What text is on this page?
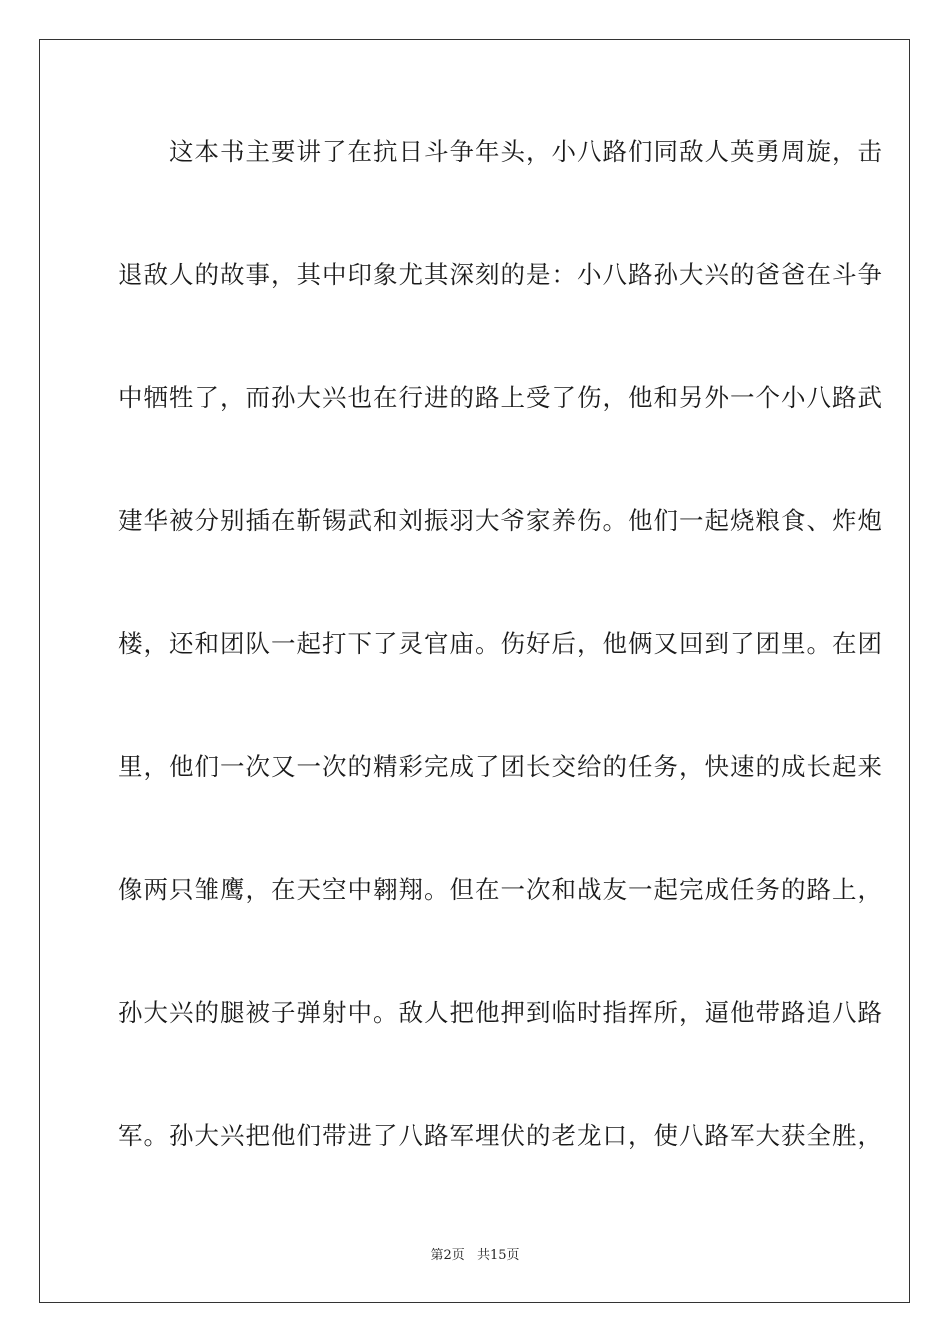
　　这本书主要讲了在抗日斗争年头，小八路们同敌人英勇周旋，击
退敌人的故事，其中印象尤其深刻的是：小八路孙大兴的爸爸在斗争
中牺牲了，而孙大兴也在行进的路上受了伤，他和另外一个小八路武
建华被分别插在靳锡武和刘振羽大爷家养伤。他们一起烧粮食、炸炮
楼，还和团队一起打下了灵官庙。伤好后，他俩又回到了团里。在团
里，他们一次又一次的精彩完成了团长交给的任务，快速的成长起来
像两只雏鹰，在天空中翱翔。但在一次和战友一起完成任务的路上，
孙大兴的腿被子弹射中。敌人把他押到临时指挥所，逼他带路追八路
军。孙大兴把他们带进了八路军埋伏的老龙口，使八路军大获全胜，
第2页 共15页
